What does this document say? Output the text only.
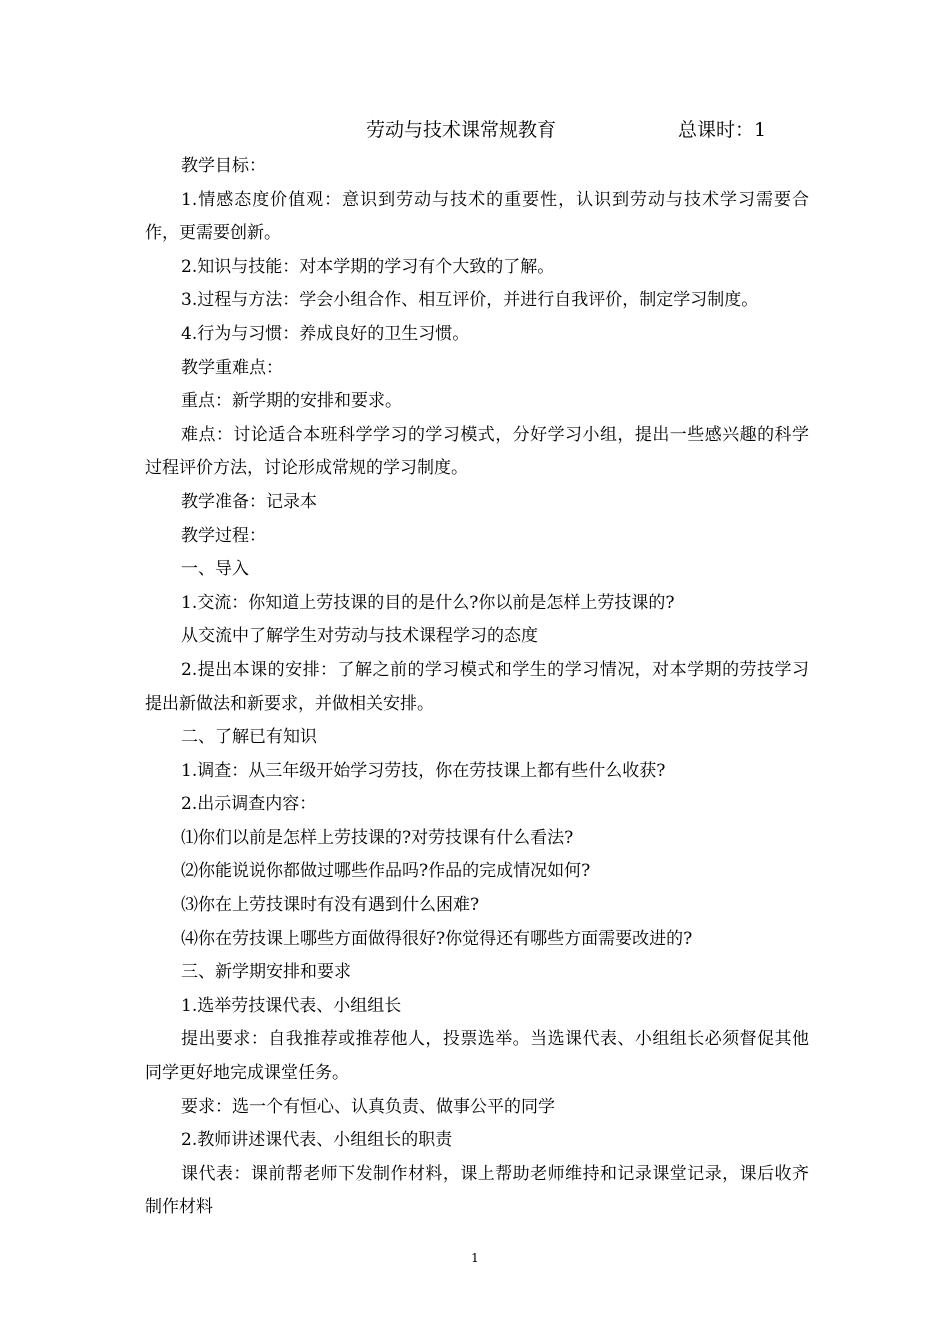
劳动与技术课常规教育	总课时：1

教学目标：

1.情感态度价值观：意识到劳动与技术的重要性，认识到劳动与技术学习需要合作，更需要创新。

2.知识与技能：对本学期的学习有个大致的了解。

3.过程与方法：学会小组合作、相互评价，并进行自我评价，制定学习制度。

4.行为与习惯：养成良好的卫生习惯。

教学重难点：

重点：新学期的安排和要求。

难点：讨论适合本班科学学习的学习模式，分好学习小组，提出一些感兴趣的科学过程评价方法，讨论形成常规的学习制度。

教学准备：记录本

教学过程：

一、导入

1.交流：你知道上劳技课的目的是什么?你以前是怎样上劳技课的?

从交流中了解学生对劳动与技术课程学习的态度

2.提出本课的安排：了解之前的学习模式和学生的学习情况，对本学期的劳技学习提出新做法和新要求，并做相关安排。

二、了解已有知识

1.调查：从三年级开始学习劳技，你在劳技课上都有些什么收获?

2.出示调查内容：

⑴你们以前是怎样上劳技课的?对劳技课有什么看法?

⑵你能说说你都做过哪些作品吗?作品的完成情况如何?

⑶你在上劳技课时有没有遇到什么困难?

⑷你在劳技课上哪些方面做得很好?你觉得还有哪些方面需要改进的?

三、新学期安排和要求

1.选举劳技课代表、小组组长

提出要求：自我推荐或推荐他人，投票选举。当选课代表、小组组长必须督促其他同学更好地完成课堂任务。

要求：选一个有恒心、认真负责、做事公平的同学

2.教师讲述课代表、小组组长的职责

课代表：课前帮老师下发制作材料，课上帮助老师维持和记录课堂记录，课后收齐制作材料

1
